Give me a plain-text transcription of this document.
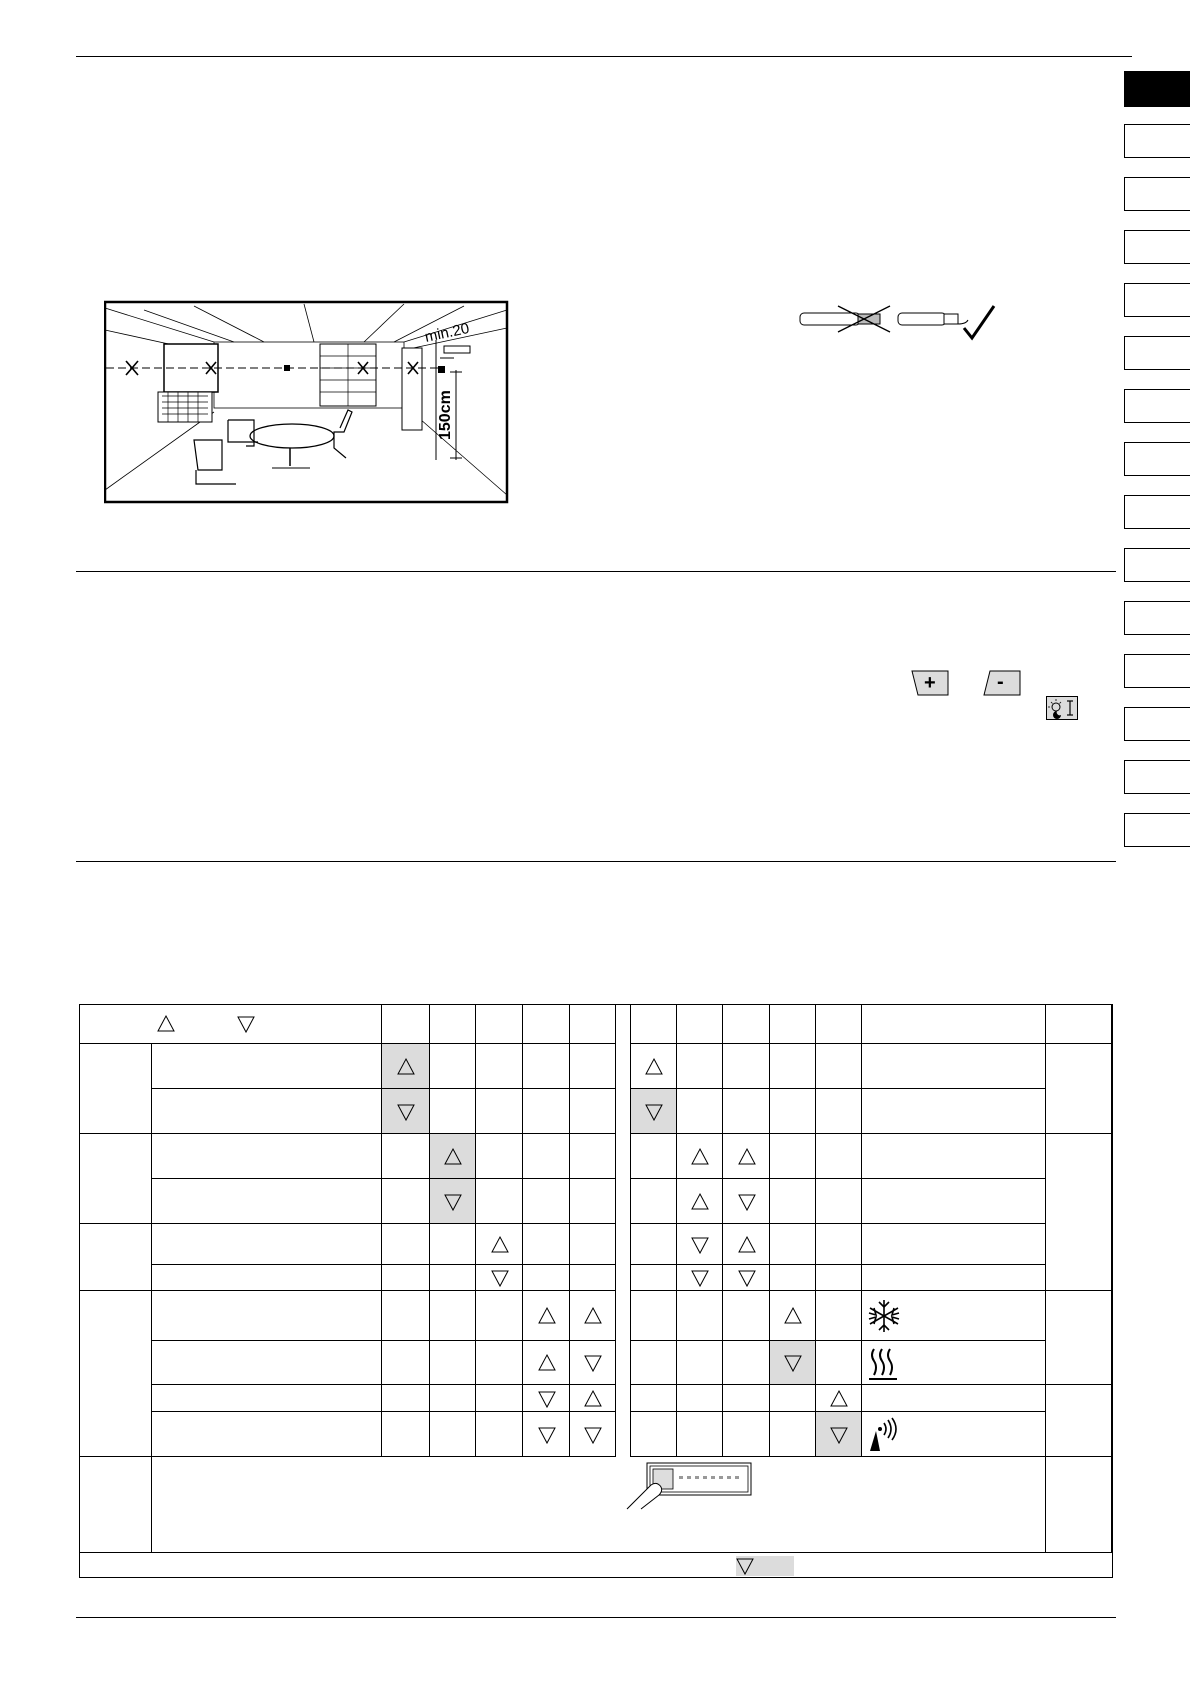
min.20
150cm
+	-
